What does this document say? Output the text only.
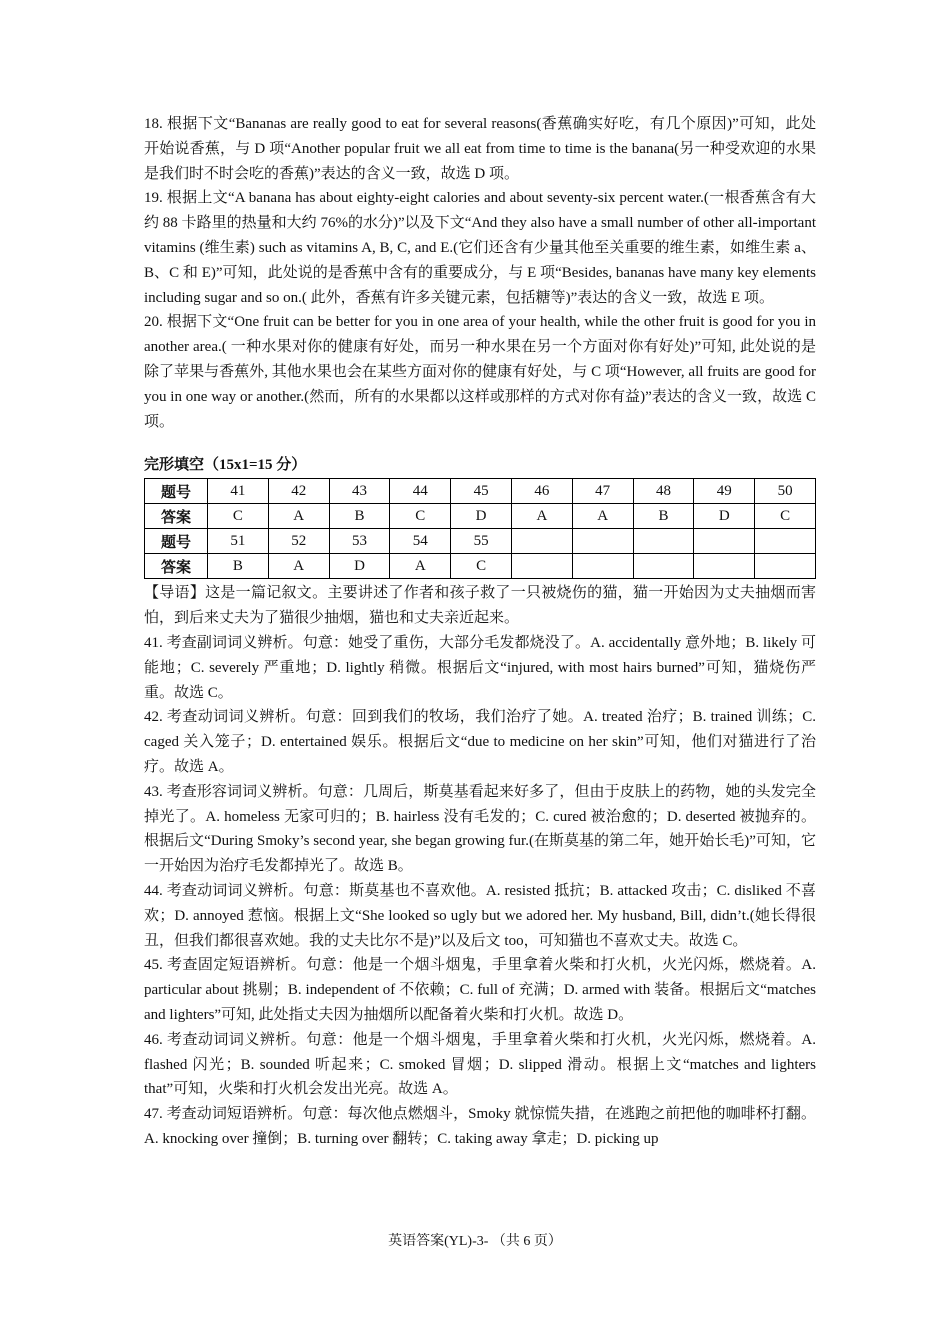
18. 根据下文“Bananas are really good to eat for several reasons(香蕉确实好吃，有几个原因)”可知，此处开始说香蕉，与 D 项“Another popular fruit we all eat from time to time is the banana(另一种受欢迎的水果是我们时不时会吃的香蕉)”表达的含义一致，故选 D 项。

19. 根据上文“A banana has about eighty-eight calories and about seventy-six percent water.(一根香蕉含有大约 88 卡路里的热量和大约 76%的水分)”以及下文“And they also have a small number of other all-important vitamins (维生素) such as vitamins A, B, C, and E.(它们还含有少量其他至关重要的维生素，如维生素 a、B、C 和 E)”可知，此处说的是香蕉中含有的重要成分，与 E 项“Besides, bananas have many key elements including sugar and so on.( 此外，香蕉有许多关键元素，包括糖等)”表达的含义一致，故选 E 项。

20. 根据下文“One fruit can be better for you in one area of your health, while the other fruit is good for you in another area.( 一种水果对你的健康有好处，而另一种水果在另一个方面对你有好处)”可知, 此处说的是除了苹果与香蕉外, 其他水果也会在某些方面对你的健康有好处，与 C 项“However, all fruits are good for you in one way or another.(然而，所有的水果都以这样或那样的方式对你有益)”表达的含义一致，故选 C 项。

完形填空（15x1=15 分）
题号	41	42	43	44	45	46	47	48	49	50
答案	C	A	B	C	D	A	A	B	D	C
题号	51	52	53	54	55					
答案	B	A	D	A	C					

【导语】这是一篇记叙文。主要讲述了作者和孩子救了一只被烧伤的猫，猫一开始因为丈夫抽烟而害怕，到后来丈夫为了猫很少抽烟，猫也和丈夫亲近起来。

41. 考查副词词义辨析。句意：她受了重伤，大部分毛发都烧没了。A. accidentally 意外地；B. likely 可能地；C. severely 严重地；D. lightly 稍微。根据后文“injured, with most hairs burned”可知，猫烧伤严重。故选 C。

42. 考查动词词义辨析。句意：回到我们的牧场，我们治疗了她。A. treated 治疗；B. trained 训练；C. caged 关入笼子；D. entertained 娱乐。根据后文“due to medicine on her skin”可知，他们对猫进行了治疗。故选 A。

43. 考查形容词词义辨析。句意：几周后，斯莫基看起来好多了，但由于皮肤上的药物，她的头发完全掉光了。A. homeless 无家可归的；B. hairless 没有毛发的；C. cured 被治愈的；D. deserted 被抛弃的。根据后文“During Smoky’s second year, she began growing fur.(在斯莫基的第二年，她开始长毛)”可知，它一开始因为治疗毛发都掉光了。故选 B。

44. 考查动词词义辨析。句意：斯莫基也不喜欢他。A. resisted 抵抗；B. attacked 攻击；C. disliked 不喜欢；D. annoyed 惹恼。根据上文“She looked so ugly but we adored her. My husband, Bill, didn’t.(她长得很丑，但我们都很喜欢她。我的丈夫比尔不是)”以及后文 too，可知猫也不喜欢丈夫。故选 C。

45. 考查固定短语辨析。句意：他是一个烟斗烟鬼，手里拿着火柴和打火机，火光闪烁，燃烧着。A. particular about 挑剔；B. independent of 不依赖；C. full of 充满；D. armed with 装备。根据后文“matches and lighters”可知, 此处指丈夫因为抽烟所以配备着火柴和打火机。故选 D。

46. 考查动词词义辨析。句意：他是一个烟斗烟鬼，手里拿着火柴和打火机，火光闪烁，燃烧着。A. flashed 闪光；B. sounded 听起来；C. smoked 冒烟；D. slipped 滑动。根据上文“matches and lighters that”可知，火柴和打火机会发出光亮。故选 A。

47. 考查动词短语辨析。句意：每次他点燃烟斗，Smoky 就惊慌失措，在逃跑之前把他的咖啡杯打翻。A. knocking over 撞倒；B. turning over 翻转；C. taking away 拿走；D. picking up

英语答案(YL)-3- （共 6 页）
